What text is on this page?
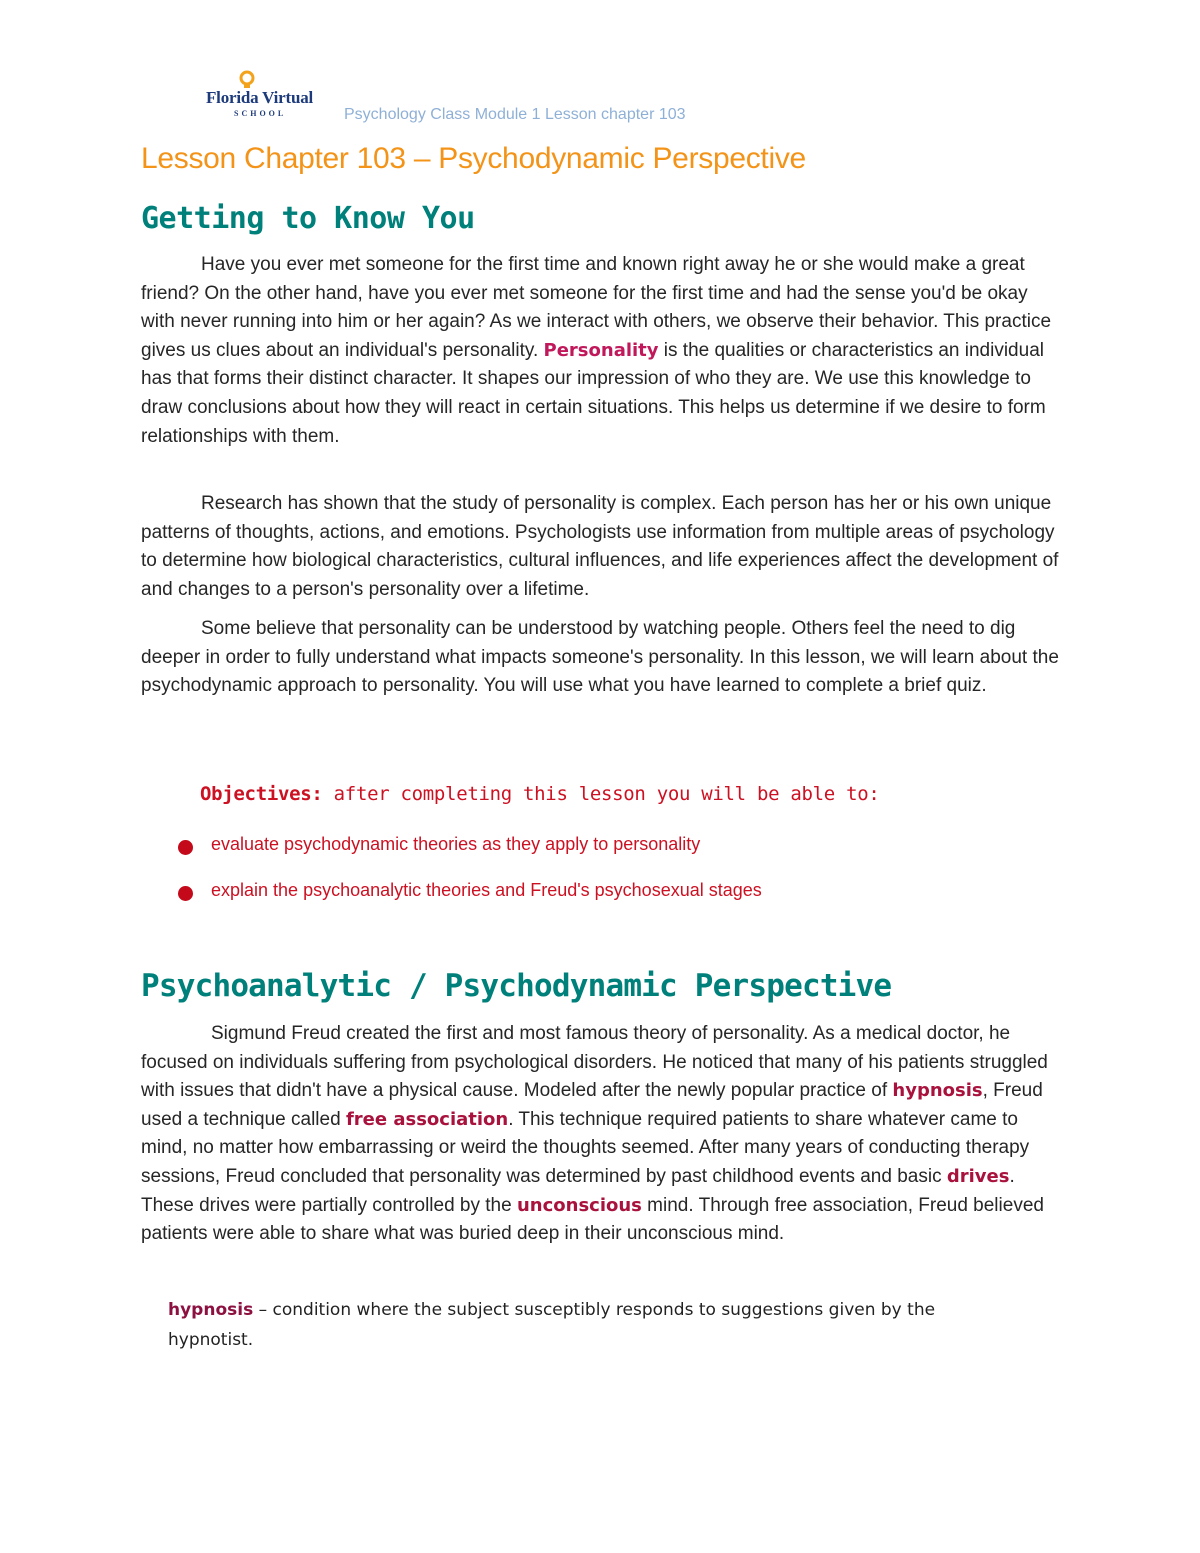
Florida Virtual
SCHOOL	Psychology Class Module 1 Lesson chapter 103
Lesson Chapter 103 – Psychodynamic Perspective
Getting to Know You

Have you ever met someone for the first time and known right away he or she would make a great friend? On the other hand, have you ever met someone for the first time and had the sense you'd be okay with never running into him or her again? As we interact with others, we observe their behavior. This practice gives us clues about an individual's personality. Personality is the qualities or characteristics an individual has that forms their distinct character. It shapes our impression of who they are. We use this knowledge to draw conclusions about how they will react in certain situations. This helps us determine if we desire to form relationships with them.

Research has shown that the study of personality is complex. Each person has her or his own unique patterns of thoughts, actions, and emotions. Psychologists use information from multiple areas of psychology to determine how biological characteristics, cultural influences, and life experiences affect the development of and changes to a person's personality over a lifetime.

Some believe that personality can be understood by watching people. Others feel the need to dig deeper in order to fully understand what impacts someone's personality. In this lesson, we will learn about the psychodynamic approach to personality. You will use what you have learned to complete a brief quiz.

Objectives: after completing this lesson you will be able to:
evaluate psychodynamic theories as they apply to personality
explain the psychoanalytic theories and Freud's psychosexual stages
Psychoanalytic / Psychodynamic Perspective

Sigmund Freud created the first and most famous theory of personality. As a medical doctor, he focused on individuals suffering from psychological disorders. He noticed that many of his patients struggled with issues that didn't have a physical cause. Modeled after the newly popular practice of hypnosis, Freud used a technique called free association. This technique required patients to share whatever came to mind, no matter how embarrassing or weird the thoughts seemed. After many years of conducting therapy sessions, Freud concluded that personality was determined by past childhood events and basic drives. These drives were partially controlled by the unconscious mind. Through free association, Freud believed patients were able to share what was buried deep in their unconscious mind.

hypnosis – condition where the subject susceptibly responds to suggestions given by the hypnotist.
